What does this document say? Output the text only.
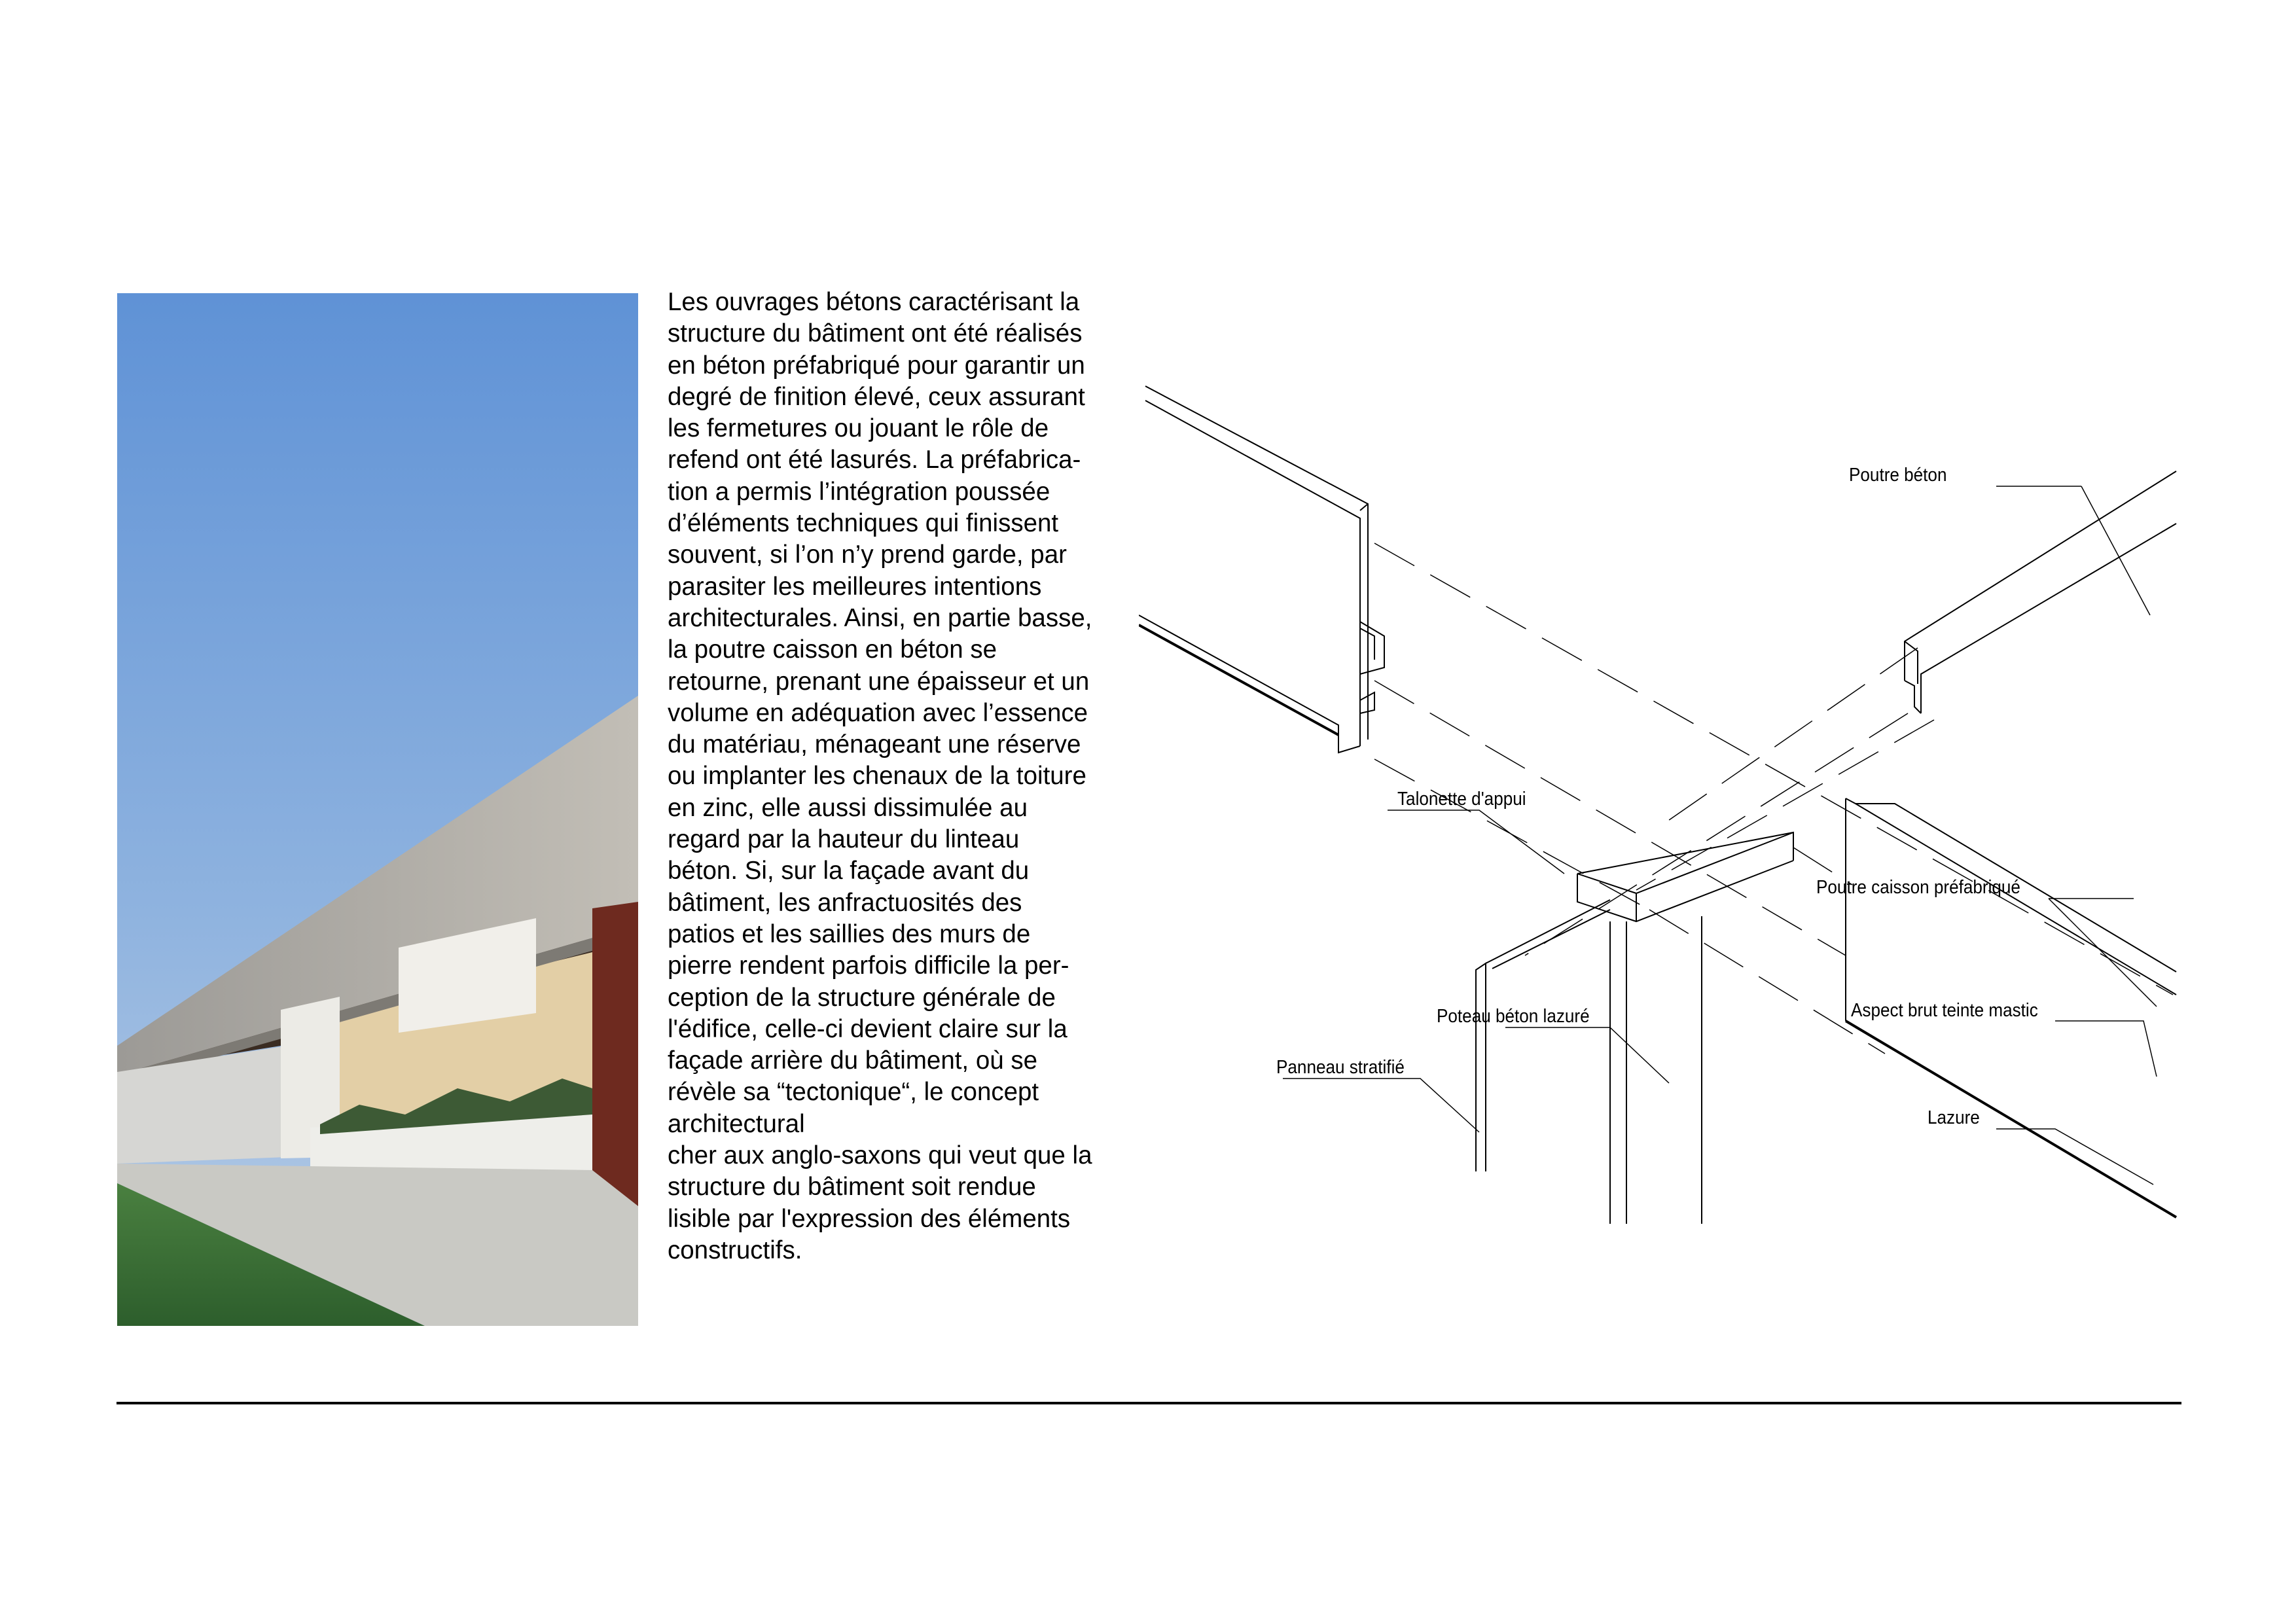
Les ouvrages bétons caractérisant la
structure du bâtiment ont été réalisés
en béton préfabriqué pour garantir un
degré de finition élevé, ceux assurant
les fermetures ou jouant le rôle de
refend ont été lasurés. La préfabrica-
tion a permis l’intégration poussée
d’éléments techniques qui finissent
souvent, si l’on n’y prend garde, par
parasiter les meilleures intentions
architecturales. Ainsi, en partie basse,
la poutre caisson en béton se
retourne, prenant une épaisseur et un
volume en adéquation avec l’essence
du matériau, ménageant une réserve
ou implanter les chenaux de la toiture
en zinc, elle aussi dissimulée au
regard par la hauteur du linteau
béton. Si, sur la façade avant du
bâtiment, les anfractuosités des
patios et les saillies des murs de
pierre rendent parfois difficile la per-
ception de la structure générale de
l'édifice, celle-ci devient claire sur la
façade arrière du bâtiment, où se
révèle sa “tectonique“, le concept
architectural
cher aux anglo-saxons qui veut que la
structure du bâtiment soit rendue
lisible par l'expression des éléments
constructifs.
Poutre béton
Talonette d'appui
Poutre caisson préfabriqué
Poteau béton lazuré	Aspect brut teinte mastic
Panneau stratifié
Lazure
